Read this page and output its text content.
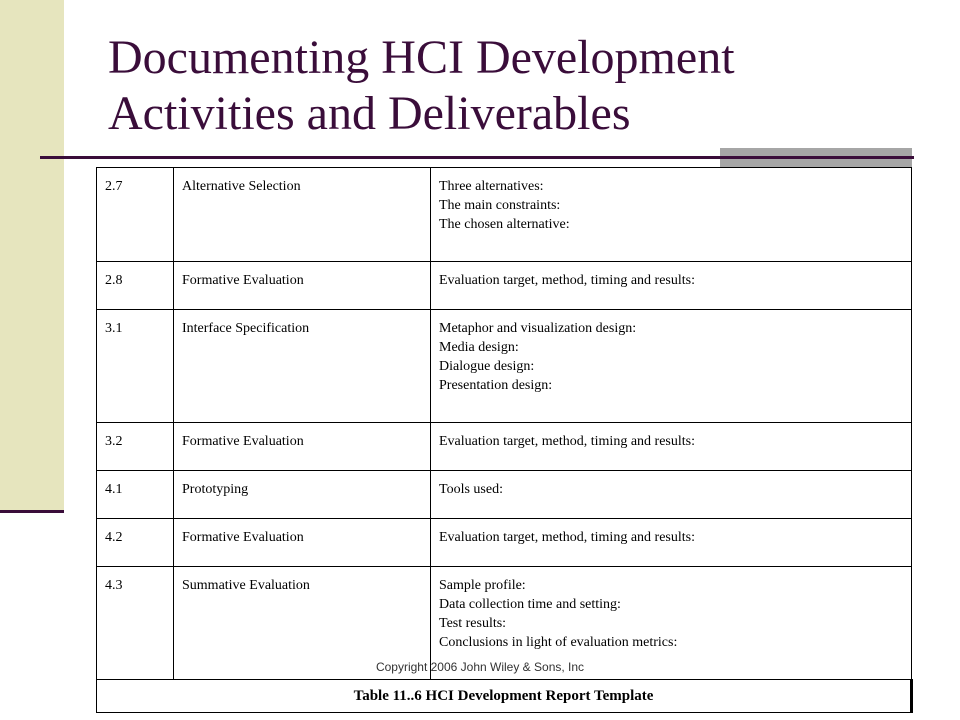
Documenting HCI Development
Activities and Deliverables
2.7	Alternative Selection	Three alternatives:
The main constraints:
The chosen alternative:

2.8	Formative Evaluation	Evaluation target, method, timing and results:

3.1	Interface Specification	Metaphor and visualization design:
Media design:
Dialogue design:
Presentation design:

3.2	Formative Evaluation	Evaluation target, method, timing and results:

4.1	Prototyping	Tools used:

4.2	Formative Evaluation	Evaluation target, method, timing and results:

4.3	Summative Evaluation	Sample profile:
Data collection time and setting:
Test results:
Conclusions in light of evaluation metrics:

Table 11..6 HCI Development Report Template		
Copyright 2006 John Wiley & Sons, Inc
